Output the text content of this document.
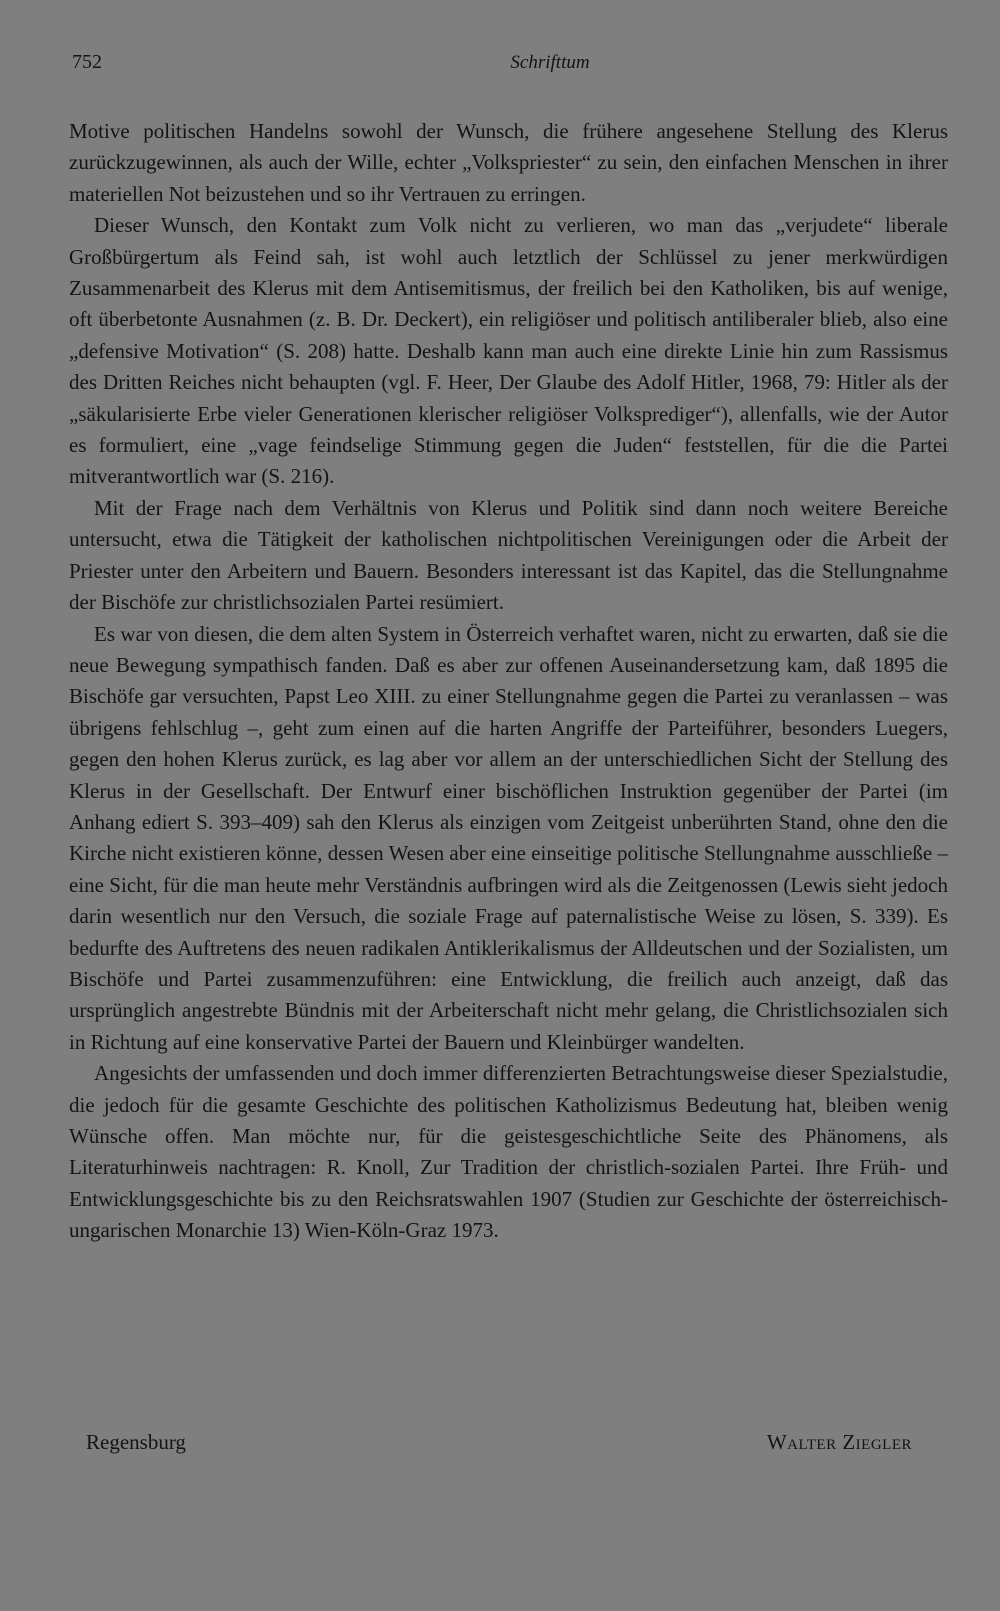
752	Schrifttum

Motive politischen Handelns sowohl der Wunsch, die frühere angesehene Stellung des Klerus zurückzugewinnen, als auch der Wille, echter „Volkspriester“ zu sein, den einfachen Menschen in ihrer materiellen Not beizustehen und so ihr Vertrauen zu erringen.

Dieser Wunsch, den Kontakt zum Volk nicht zu verlieren, wo man das „verjudete“ liberale Großbürgertum als Feind sah, ist wohl auch letztlich der Schlüssel zu jener merkwürdigen Zusammenarbeit des Klerus mit dem Antisemitismus, der freilich bei den Katholiken, bis auf wenige, oft überbetonte Ausnahmen (z. B. Dr. Deckert), ein religiöser und politisch antiliberaler blieb, also eine „defensive Motivation“ (S. 208) hatte. Deshalb kann man auch eine direkte Linie hin zum Rassismus des Dritten Reiches nicht behaupten (vgl. F. Heer, Der Glaube des Adolf Hitler, 1968, 79: Hitler als der „säkularisierte Erbe vieler Generationen klerischer religiöser Volksprediger“), allenfalls, wie der Autor es formuliert, eine „vage feindselige Stimmung gegen die Juden“ feststellen, für die die Partei mitverantwortlich war (S. 216).

Mit der Frage nach dem Verhältnis von Klerus und Politik sind dann noch weitere Bereiche untersucht, etwa die Tätigkeit der katholischen nichtpolitischen Vereinigungen oder die Arbeit der Priester unter den Arbeitern und Bauern. Besonders interessant ist das Kapitel, das die Stellungnahme der Bischöfe zur christlichsozialen Partei resümiert.

Es war von diesen, die dem alten System in Österreich verhaftet waren, nicht zu erwarten, daß sie die neue Bewegung sympathisch fanden. Daß es aber zur offenen Auseinandersetzung kam, daß 1895 die Bischöfe gar versuchten, Papst Leo XIII. zu einer Stellungnahme gegen die Partei zu veranlassen – was übrigens fehlschlug –, geht zum einen auf die harten Angriffe der Parteiführer, besonders Luegers, gegen den hohen Klerus zurück, es lag aber vor allem an der unterschiedlichen Sicht der Stellung des Klerus in der Gesellschaft. Der Entwurf einer bischöflichen Instruktion gegenüber der Partei (im Anhang ediert S. 393–409) sah den Klerus als einzigen vom Zeitgeist unberührten Stand, ohne den die Kirche nicht existieren könne, dessen Wesen aber eine einseitige politische Stellungnahme ausschließe – eine Sicht, für die man heute mehr Verständnis aufbringen wird als die Zeitgenossen (Lewis sieht jedoch darin wesentlich nur den Versuch, die soziale Frage auf paternalistische Weise zu lösen, S. 339). Es bedurfte des Auftretens des neuen radikalen Antiklerikalismus der Alldeutschen und der Sozialisten, um Bischöfe und Partei zusammenzuführen: eine Entwicklung, die freilich auch anzeigt, daß das ursprünglich angestrebte Bündnis mit der Arbeiterschaft nicht mehr gelang, die Christlichsozialen sich in Richtung auf eine konservative Partei der Bauern und Kleinbürger wandelten.

Angesichts der umfassenden und doch immer differenzierten Betrachtungsweise dieser Spezialstudie, die jedoch für die gesamte Geschichte des politischen Katholizismus Bedeutung hat, bleiben wenig Wünsche offen. Man möchte nur, für die geistesgeschichtliche Seite des Phänomens, als Literaturhinweis nachtragen: R. Knoll, Zur Tradition der christlich-sozialen Partei. Ihre Früh- und Entwicklungsgeschichte bis zu den Reichsratswahlen 1907 (Studien zur Geschichte der österreichisch-ungarischen Monarchie 13) Wien-Köln-Graz 1973.

Regensburg	Walter Ziegler
